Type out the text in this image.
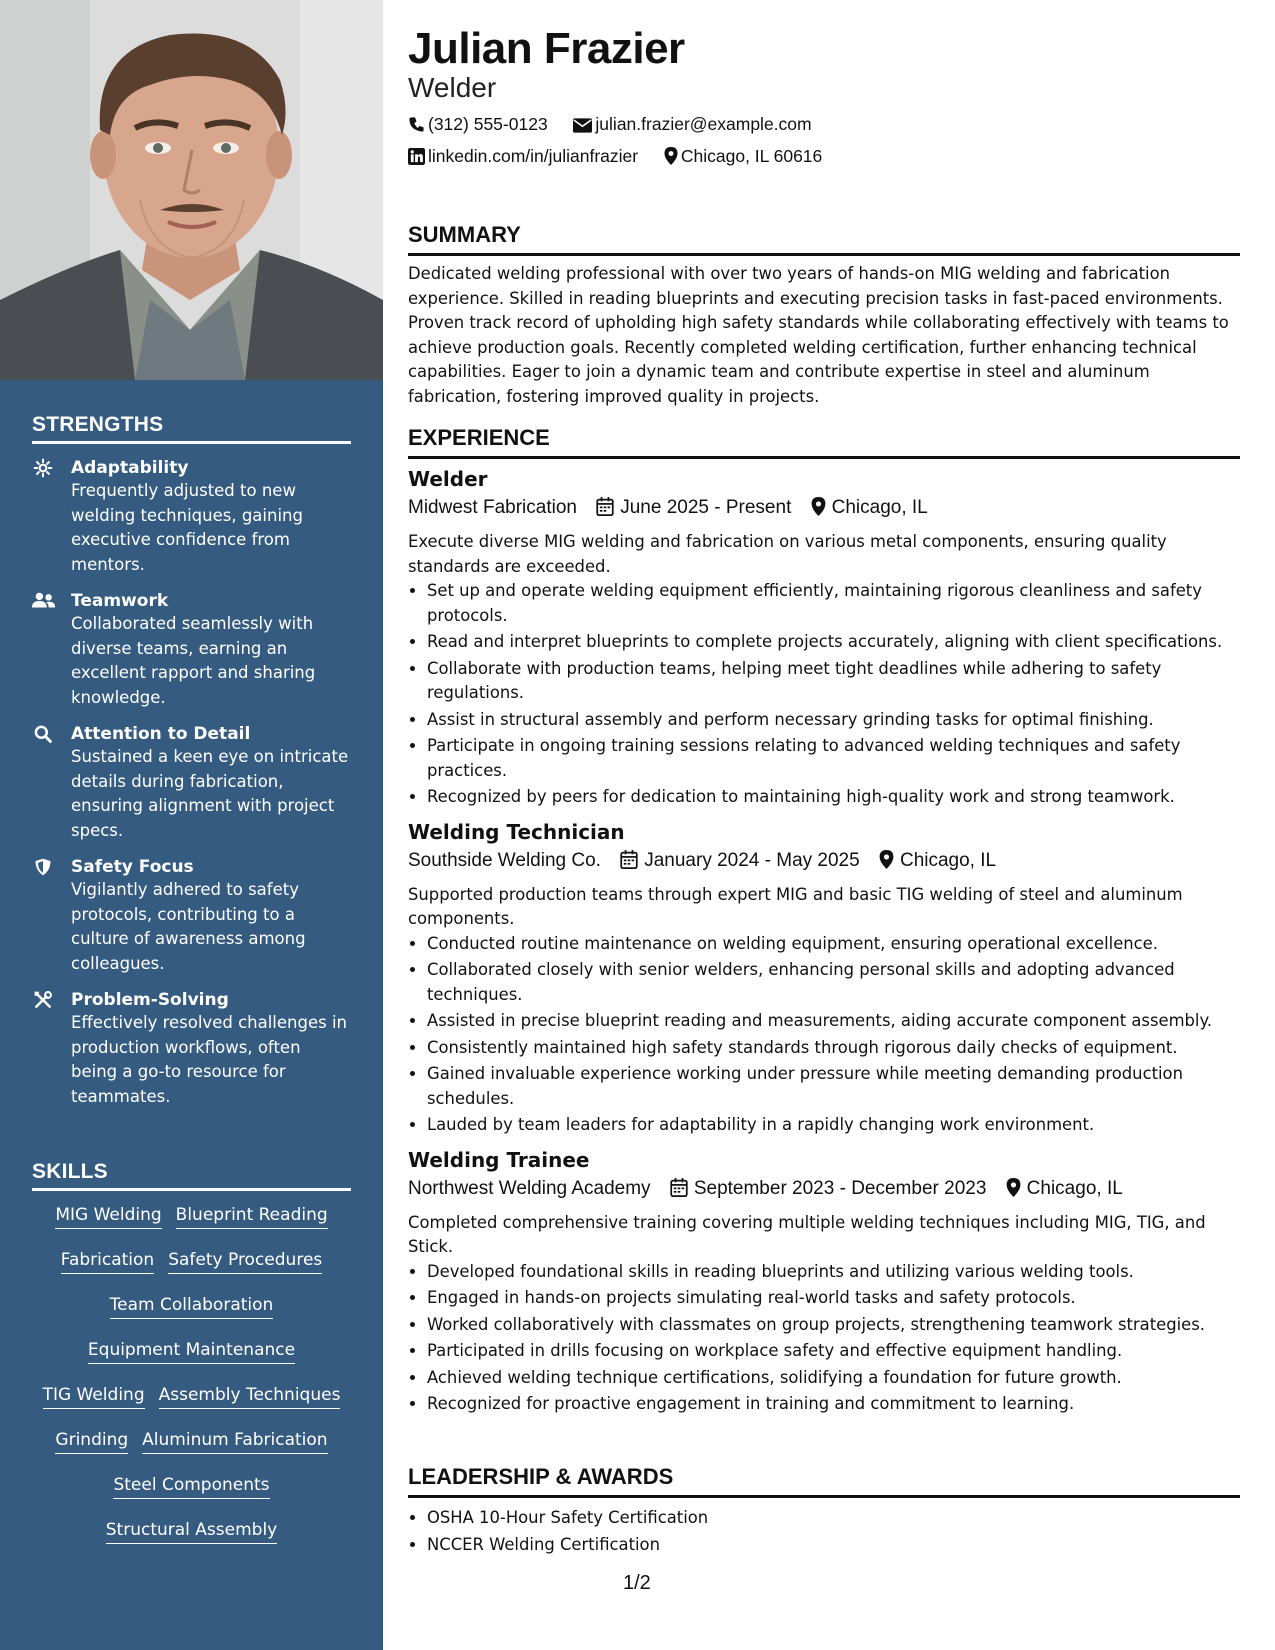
STRENGTHS
Adaptability
Frequently adjusted to new welding techniques, gaining executive confidence from mentors.
Teamwork
Collaborated seamlessly with diverse teams, earning an excellent rapport and sharing knowledge.
Attention to Detail
Sustained a keen eye on intricate details during fabrication, ensuring alignment with project specs.
Safety Focus
Vigilantly adhered to safety protocols, contributing to a culture of awareness among colleagues.
Problem-Solving
Effectively resolved challenges in production workflows, often being a go-to resource for teammates.
SKILLS
MIG Welding Blueprint Reading
Fabrication Safety Procedures
Team Collaboration
Equipment Maintenance
TIG Welding Assembly Techniques
Grinding Aluminum Fabrication
Steel Components
Structural Assembly
Julian Frazier
Welder
(312) 555-0123	julian.frazier@example.com
linkedin.com/in/julianfrazier Chicago, IL 60616
SUMMARY

Dedicated welding professional with over two years of hands-on MIG welding and fabrication experience. Skilled in reading blueprints and executing precision tasks in fast-paced environments. Proven track record of upholding high safety standards while collaborating effectively with teams to achieve production goals. Recently completed welding certification, further enhancing technical capabilities. Eager to join a dynamic team and contribute expertise in steel and aluminum fabrication, fostering improved quality in projects.

EXPERIENCE
Welder
Midwest Fabrication June 2025 - Present Chicago, IL

Execute diverse MIG welding and fabrication on various metal components, ensuring quality standards are exceeded.

• Set up and operate welding equipment efficiently, maintaining rigorous cleanliness and safety protocols.
• Read and interpret blueprints to complete projects accurately, aligning with client specifications.
• Collaborate with production teams, helping meet tight deadlines while adhering to safety regulations.
• Assist in structural assembly and perform necessary grinding tasks for optimal finishing.
• Participate in ongoing training sessions relating to advanced welding techniques and safety practices.
• Recognized by peers for dedication to maintaining high-quality work and strong teamwork.
Welding Technician
Southside Welding Co. January 2024 - May 2025 Chicago, IL

Supported production teams through expert MIG and basic TIG welding of steel and aluminum components.

• Conducted routine maintenance on welding equipment, ensuring operational excellence.
• Collaborated closely with senior welders, enhancing personal skills and adopting advanced techniques.
• Assisted in precise blueprint reading and measurements, aiding accurate component assembly.
• Consistently maintained high safety standards through rigorous daily checks of equipment.
• Gained invaluable experience working under pressure while meeting demanding production schedules.
• Lauded by team leaders for adaptability in a rapidly changing work environment.
Welding Trainee
Northwest Welding Academy September 2023 - December 2023 Chicago, IL

Completed comprehensive training covering multiple welding techniques including MIG, TIG, and Stick.

• Developed foundational skills in reading blueprints and utilizing various welding tools.
• Engaged in hands-on projects simulating real-world tasks and safety protocols.
• Worked collaboratively with classmates on group projects, strengthening teamwork strategies.
• Participated in drills focusing on workplace safety and effective equipment handling.
• Achieved welding technique certifications, solidifying a foundation for future growth.
• Recognized for proactive engagement in training and commitment to learning.
LEADERSHIP & AWARDS
• OSHA 10-Hour Safety Certification
• NCCER Welding Certification
1/2
